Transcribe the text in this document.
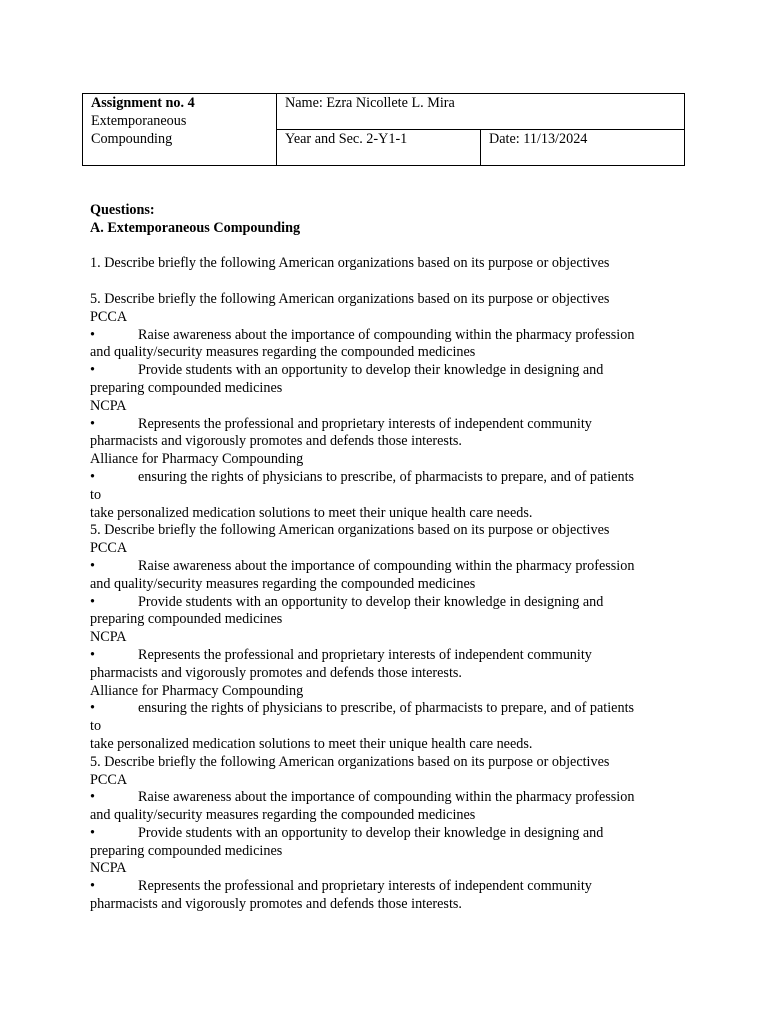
Assignment no. 4
Extemporaneous
Compounding	Name: Ezra Nicollete L. Mira	

	Year and Sec. 2-Y1-1	Date: 11/13/2024
Questions:
A. Extemporaneous Compounding
1. Describe briefly the following American organizations based on its purpose or objectives
5. Describe briefly the following American organizations based on its purpose or objectives
PCCA
•	Raise awareness about the importance of compounding within the pharmacy profession
and quality/security measures regarding the compounded medicines
•	Provide students with an opportunity to develop their knowledge in designing and
preparing compounded medicines
NCPA
•	Represents the professional and proprietary interests of independent community
pharmacists and vigorously promotes and defends those interests.
Alliance for Pharmacy Compounding
•	ensuring the rights of physicians to prescribe, of pharmacists to prepare, and of patients
to
take personalized medication solutions to meet their unique health care needs.
5. Describe briefly the following American organizations based on its purpose or objectives
PCCA
•	Raise awareness about the importance of compounding within the pharmacy profession
and quality/security measures regarding the compounded medicines
•	Provide students with an opportunity to develop their knowledge in designing and
preparing compounded medicines
NCPA
•	Represents the professional and proprietary interests of independent community
pharmacists and vigorously promotes and defends those interests.
Alliance for Pharmacy Compounding
•	ensuring the rights of physicians to prescribe, of pharmacists to prepare, and of patients
to
take personalized medication solutions to meet their unique health care needs.
5. Describe briefly the following American organizations based on its purpose or objectives
PCCA
•	Raise awareness about the importance of compounding within the pharmacy profession
and quality/security measures regarding the compounded medicines
•	Provide students with an opportunity to develop their knowledge in designing and
preparing compounded medicines
NCPA
•	Represents the professional and proprietary interests of independent community
pharmacists and vigorously promotes and defends those interests.
